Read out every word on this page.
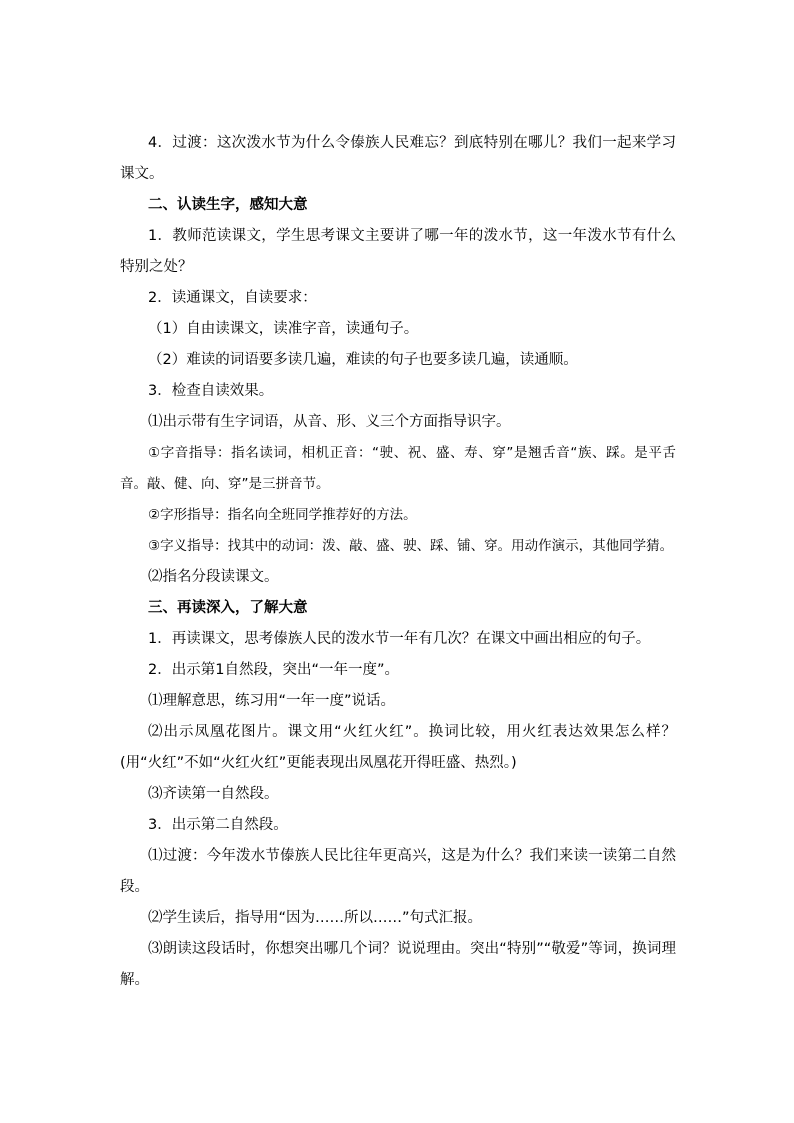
4．过渡：这次泼水节为什么令傣族人民难忘？到底特别在哪儿？我们一起来学习课文。

二、认读生字，感知大意

1．教师范读课文，学生思考课文主要讲了哪一年的泼水节，这一年泼水节有什么特别之处？

2．读通课文，自读要求：

（1）自由读课文，读准字音，读通句子。

（2）难读的词语要多读几遍，难读的句子也要多读几遍，读通顺。

3．检查自读效果。

⑴出示带有生字词语，从音、形、义三个方面指导识字。

①字音指导：指名读词，相机正音：“驶、祝、盛、寿、穿”是翘舌音“族、踩。是平舌音。敲、健、向、穿”是三拼音节。

②字形指导：指名向全班同学推荐好的方法。

③字义指导：找其中的动词：泼、敲、盛、驶、踩、铺、穿。用动作演示，其他同学猜。

⑵指名分段读课文。

三、再读深入，了解大意

1．再读课文，思考傣族人民的泼水节一年有几次？在课文中画出相应的句子。

2．出示第1自然段，突出“一年一度”。

⑴理解意思，练习用“一年一度”说话。

⑵出示凤凰花图片。课文用“火红火红”。换词比较，用火红表达效果怎么样？(用“火红”不如“火红火红”更能表现出凤凰花开得旺盛、热烈。)

⑶齐读第一自然段。

3．出示第二自然段。

⑴过渡：今年泼水节傣族人民比往年更高兴，这是为什么？我们来读一读第二自然段。

⑵学生读后，指导用“因为……所以……”句式汇报。

⑶朗读这段话时，你想突出哪几个词？说说理由。突出“特别”“敬爱”等词，换词理解。
